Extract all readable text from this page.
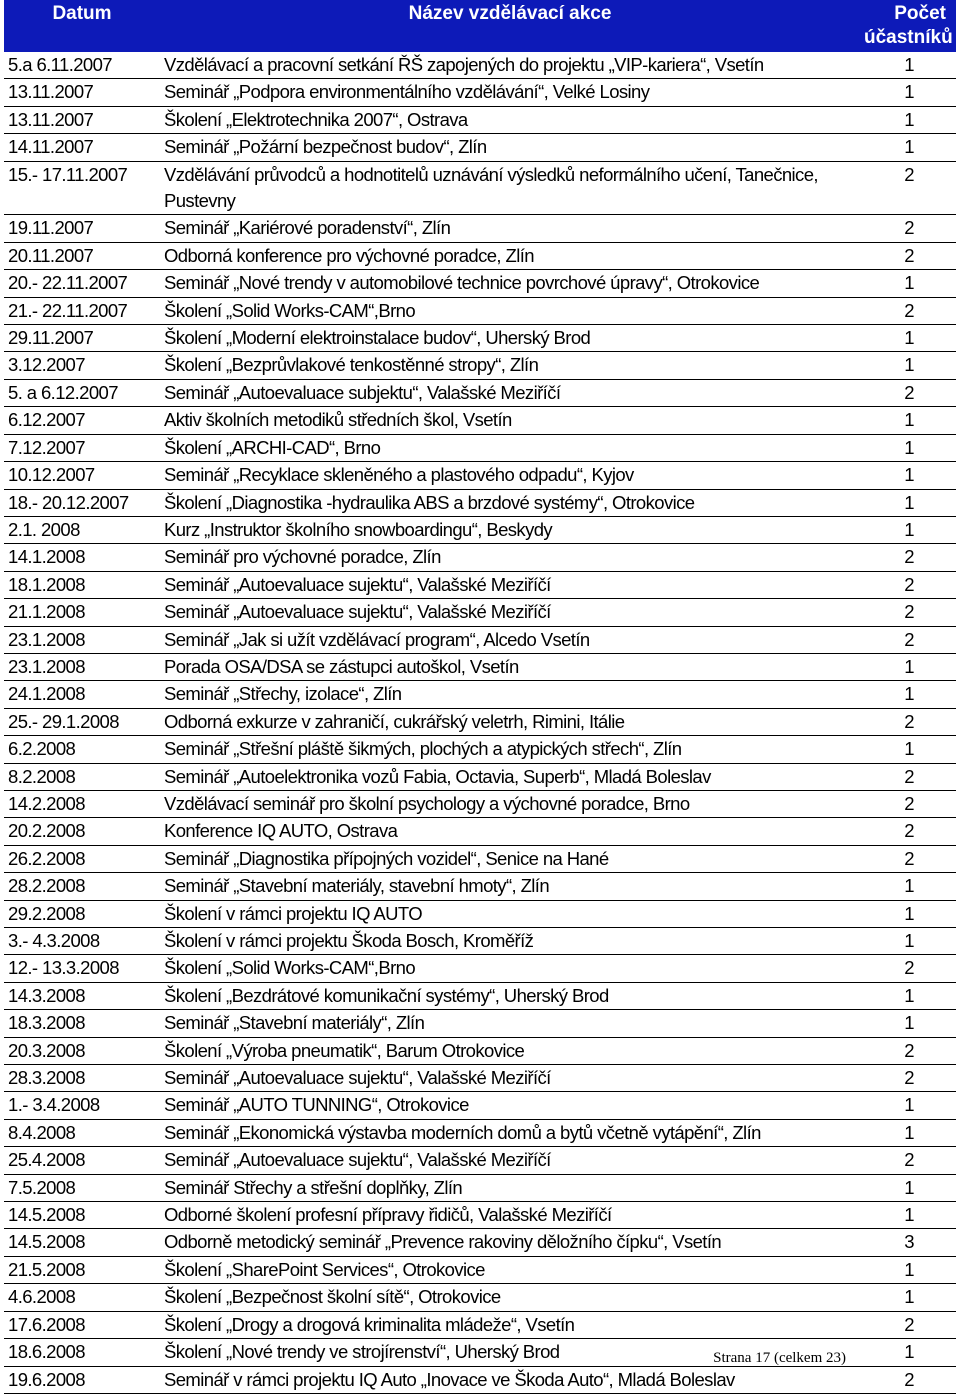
Datum	Název vzdělávací akce	Počet účastníků
5.a 6.11.2007	Vzdělávací a pracovní setkání ŘŠ zapojených do projektu „VIP-kariera“, Vsetín	1
13.11.2007	Seminář „Podpora environmentálního vzdělávání“, Velké Losiny	1
13.11.2007	Školení „Elektrotechnika 2007“, Ostrava	1
14.11.2007	Seminář „Požární bezpečnost budov“, Zlín	1
15.- 17.11.2007	Vzdělávání průvodců a hodnotitelů uznávání výsledků neformálního učení, Tanečnice, Pustevny	2
19.11.2007	Seminář „Kariérové poradenství“, Zlín	2
20.11.2007	Odborná konference pro výchovné poradce, Zlín	2
20.- 22.11.2007	Seminář „Nové trendy v automobilové technice povrchové úpravy“, Otrokovice	1
21.- 22.11.2007	Školení „Solid Works-CAM“,Brno	2
29.11.2007	Školení „Moderní elektroinstalace budov“, Uherský Brod	1
3.12.2007	Školení „Bezprůvlakové tenkostěnné stropy“, Zlín	1
5. a 6.12.2007	Seminář „Autoevaluace subjektu“, Valašské Meziříčí	2
6.12.2007	Aktiv školních metodiků středních škol, Vsetín	1
7.12.2007	Školení „ARCHI-CAD“, Brno	1
10.12.2007	Seminář „Recyklace skleněného a plastového odpadu“, Kyjov	1
18.- 20.12.2007	Školení „Diagnostika -hydraulika ABS a brzdové systémy“, Otrokovice	1
2.1. 2008	Kurz „Instruktor školního snowboardingu“, Beskydy	1
14.1.2008	Seminář pro výchovné poradce, Zlín	2
18.1.2008	Seminář „Autoevaluace sujektu“, Valašské Meziříčí	2
21.1.2008	Seminář „Autoevaluace sujektu“, Valašské Meziříčí	2
23.1.2008	Seminář „Jak si užít vzdělávací program“, Alcedo Vsetín	2
23.1.2008	Porada OSA/DSA se zástupci autoškol, Vsetín	1
24.1.2008	Seminář „Střechy, izolace“, Zlín	1
25.- 29.1.2008	Odborná exkurze v zahraničí, cukrářský veletrh, Rimini, Itálie	2
6.2.2008	Seminář „Střešní pláště šikmých, plochých a atypických střech“, Zlín	1
8.2.2008	Seminář „Autoelektronika vozů Fabia, Octavia, Superb“, Mladá Boleslav	2
14.2.2008	Vzdělávací seminář pro školní psychology a výchovné poradce, Brno	2
20.2.2008	Konference IQ AUTO, Ostrava	2
26.2.2008	Seminář „Diagnostika přípojných vozidel“, Senice na Hané	2
28.2.2008	Seminář „Stavební materiály, stavební hmoty“, Zlín	1
29.2.2008	Školení v rámci projektu IQ AUTO	1
3.- 4.3.2008	Školení v rámci projektu Škoda Bosch, Kroměříž	1
12.- 13.3.2008	Školení „Solid Works-CAM“,Brno	2
14.3.2008	Školení „Bezdrátové komunikační systémy“, Uherský Brod	1
18.3.2008	Seminář „Stavební materiály“, Zlín	1
20.3.2008	Školení „Výroba pneumatik“, Barum Otrokovice	2
28.3.2008	Seminář „Autoevaluace sujektu“, Valašské Meziříčí	2
1.- 3.4.2008	Seminář „AUTO TUNNING“, Otrokovice	1
8.4.2008	Seminář „Ekonomická výstavba moderních domů a bytů včetně vytápění“, Zlín	1
25.4.2008	Seminář „Autoevaluace sujektu“, Valašské Meziříčí	2
7.5.2008	Seminář Střechy a střešní doplňky, Zlín	1
14.5.2008	Odborné školení profesní přípravy řidičů, Valašské Meziříčí	1
14.5.2008	Odborně metodický seminář „Prevence rakoviny děložního čípku“, Vsetín	3
21.5.2008	Školení „SharePoint Services“, Otrokovice	1
4.6.2008	Školení „Bezpečnost školní sítě“, Otrokovice	1
17.6.2008	Školení „Drogy a drogová kriminalita mládeže“, Vsetín	2
18.6.2008	Školení „Nové trendy ve strojírenství“, Uherský Brod	1
19.6.2008	Seminář v rámci projektu IQ Auto „Inovace ve Škoda Auto“, Mladá Boleslav	2
Strana 17 (celkem 23)
